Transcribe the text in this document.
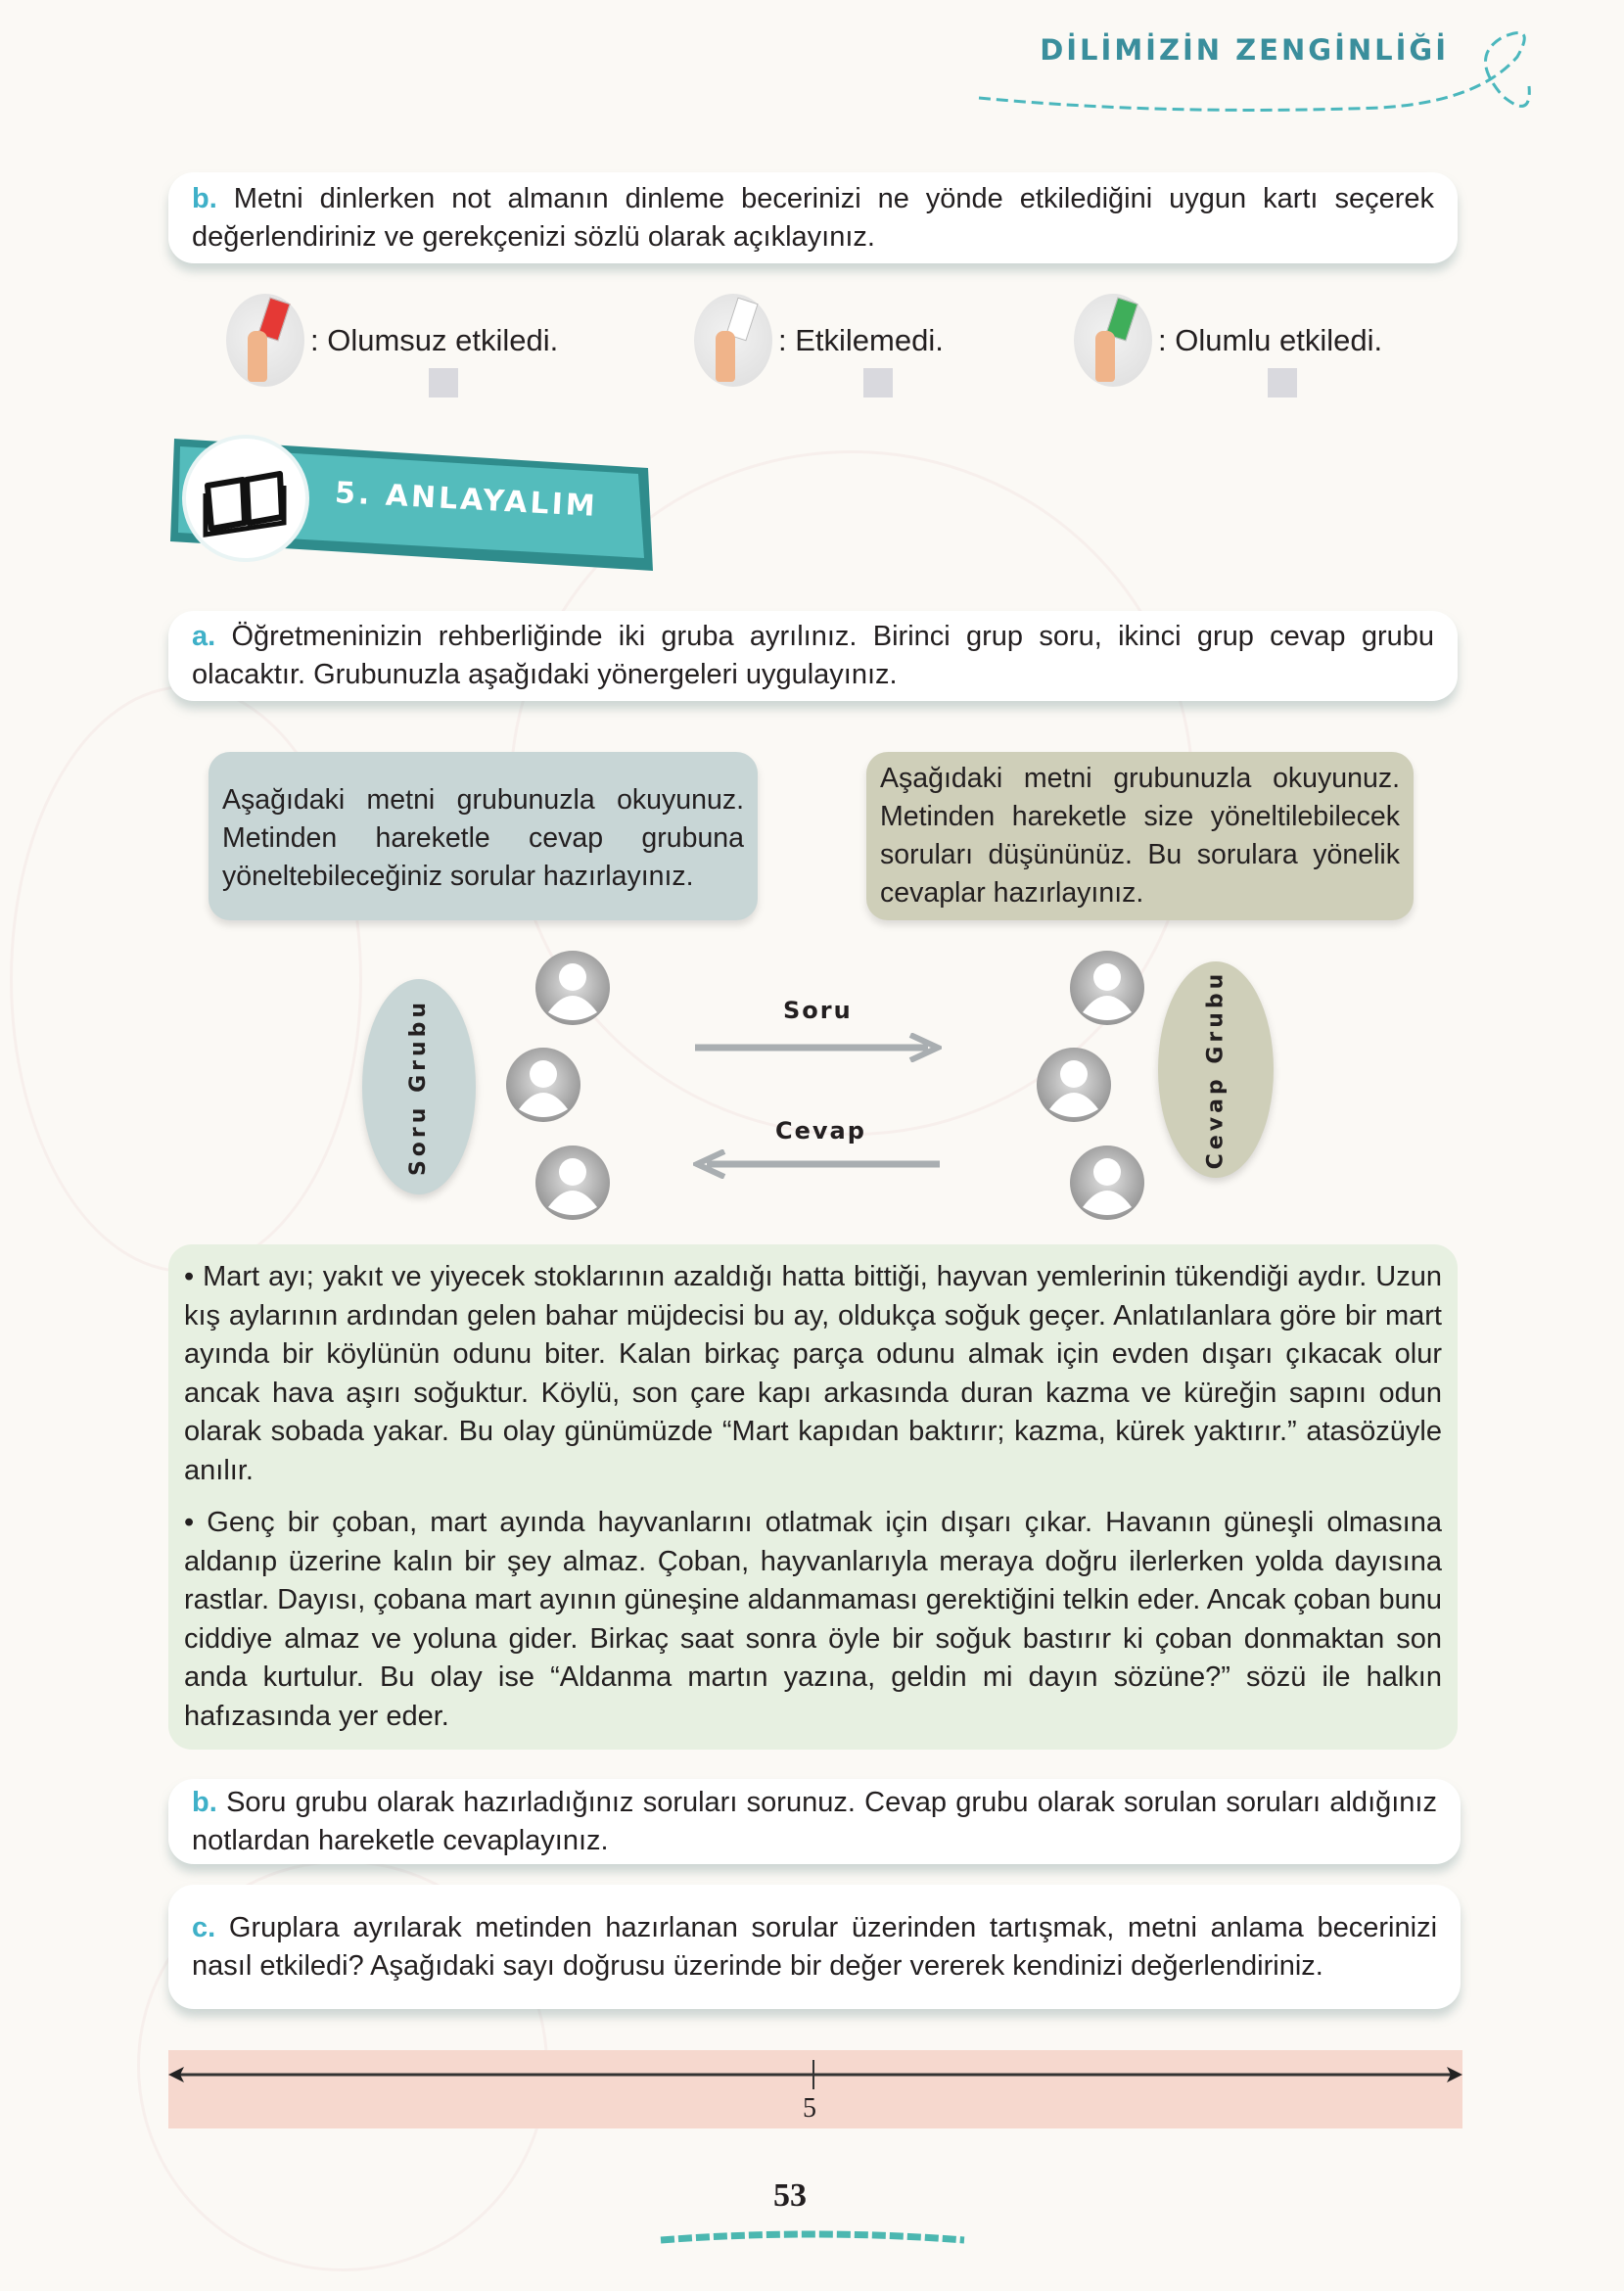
DİLİMİZİN ZENGİNLİĞİ

b. Metni dinlerken not almanın dinleme becerinizi ne yönde etkilediğini uygun kartı seçerek değerlendiriniz ve gerekçenizi sözlü olarak açıklayınız.

: Olumsuz etkiledi.	: Etkilemedi.	: Olumlu etkiledi.
5. ANLAYALIM

a. Öğretmeninizin rehberliğinde iki gruba ayrılınız. Birinci grup soru, ikinci grup cevap grubu olacaktır. Grubunuzla aşağıdaki yönergeleri uygulayınız.

Aşağıdaki metni grubunuzla okuyunuz. Metinden hareketle cevap grubuna yöneltebileceğiniz sorular hazırlayınız.
Aşağıdaki metni grubunuzla okuyunuz. Metinden hareketle size yöneltilebilecek soruları düşününüz. Bu sorulara yönelik cevaplar hazırlayınız.
Soru Grubu	Cevap Grubu
Soru
Cevap

• Mart ayı; yakıt ve yiyecek stoklarının azaldığı hatta bittiği, hayvan yemlerinin tükendiği aydır. Uzun kış aylarının ardından gelen bahar müjdecisi bu ay, oldukça soğuk geçer. Anlatılanlara göre bir mart ayında bir köylünün odunu biter. Kalan birkaç parça odunu almak için evden dışarı çıkacak olur ancak hava aşırı soğuktur. Köylü, son çare kapı arkasında duran kazma ve küreğin sapını odun olarak sobada yakar. Bu olay günümüzde “Mart kapıdan baktırır; kazma, kürek yaktırır.” atasözüyle anılır.

• Genç bir çoban, mart ayında hayvanlarını otlatmak için dışarı çıkar. Havanın güneşli olmasına aldanıp üzerine kalın bir şey almaz. Çoban, hayvanlarıyla meraya doğru ilerlerken yolda dayısına rastlar. Dayısı, çobana mart ayının güneşine aldanmaması gerektiğini telkin eder. Ancak çoban bunu ciddiye almaz ve yoluna gider. Birkaç saat sonra öyle bir soğuk bastırır ki çoban donmaktan son anda kurtulur. Bu olay ise “Aldanma martın yazına, geldin mi dayın sözüne?” sözü ile halkın hafızasında yer eder.

b. Soru grubu olarak hazırladığınız soruları sorunuz. Cevap grubu olarak sorulan soruları aldığınız notlardan hareketle cevaplayınız.

c. Gruplara ayrılarak metinden hazırlanan sorular üzerinden tartışmak, metni anlama becerinizi nasıl etkiledi? Aşağıdaki sayı doğrusu üzerinde bir değer vererek kendinizi değerlendiriniz.

5
53
